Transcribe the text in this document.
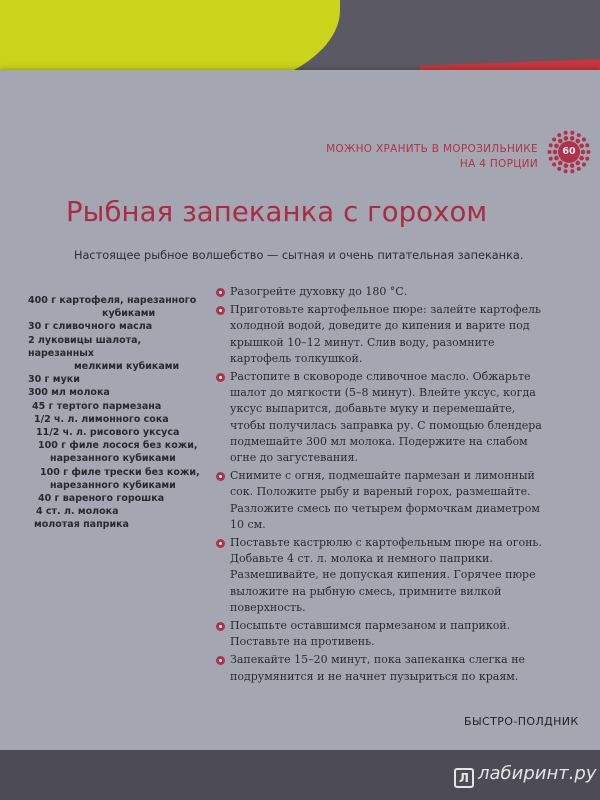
МОЖНО ХРАНИТЬ В МОРОЗИЛЬНИКЕ
НА 4 ПОРЦИИ
60
Рыбная запеканка с горохом
Настоящее рыбное волшебство — сытная и очень питательная запеканка.
400 г картофеля, нарезанного
кубиками
30 г сливочного масла
2 луковицы шалота, нарезанных
мелкими кубиками
30 г муки
300 мл молока
45 г тертого пармезана
1/2 ч. л. лимонного сока
11/2 ч. л. рисового уксуса
100 г филе лосося без кожи,
нарезанного кубиками
100 г филе трески без кожи,
нарезанного кубиками
40 г вареного горошка
4 ст. л. молока
молотая паприка
Разогрейте духовку до 180 °С.
Приготовьте картофельное пюре: залейте картофель холодной водой, доведите до кипения и варите под крышкой 10–12 минут. Слив воду, разомните картофель толкушкой.
Растопите в сковороде сливочное масло. Обжарьте шалот до мягкости (5–8 минут). Влейте уксус, когда уксус выпарится, добавьте муку и перемешайте, чтобы получилась заправка ру. С помощью блендера подмешайте 300 мл молока. Подержите на слабом огне до загустевания.
Снимите с огня, подмешайте пармезан и лимонный сок. Положите рыбу и вареный горох, размешайте. Разложите смесь по четырем формочкам диаметром 10 см.
Поставьте кастрюлю с картофельным пюре на огонь. Добавьте 4 ст. л. молока и немного паприки. Размешивайте, не допуская кипения. Горячее пюре выложите на рыбную смесь, примните вилкой поверхность.
Посыпьте оставшимся пармезаном и паприкой. Поставьте на противень.
Запекайте 15–20 минут, пока запеканка слегка не подрумянится и не начнет пузыриться по краям.
БЫСТРО-ПОЛДНИК
Л лабиринт.ру
